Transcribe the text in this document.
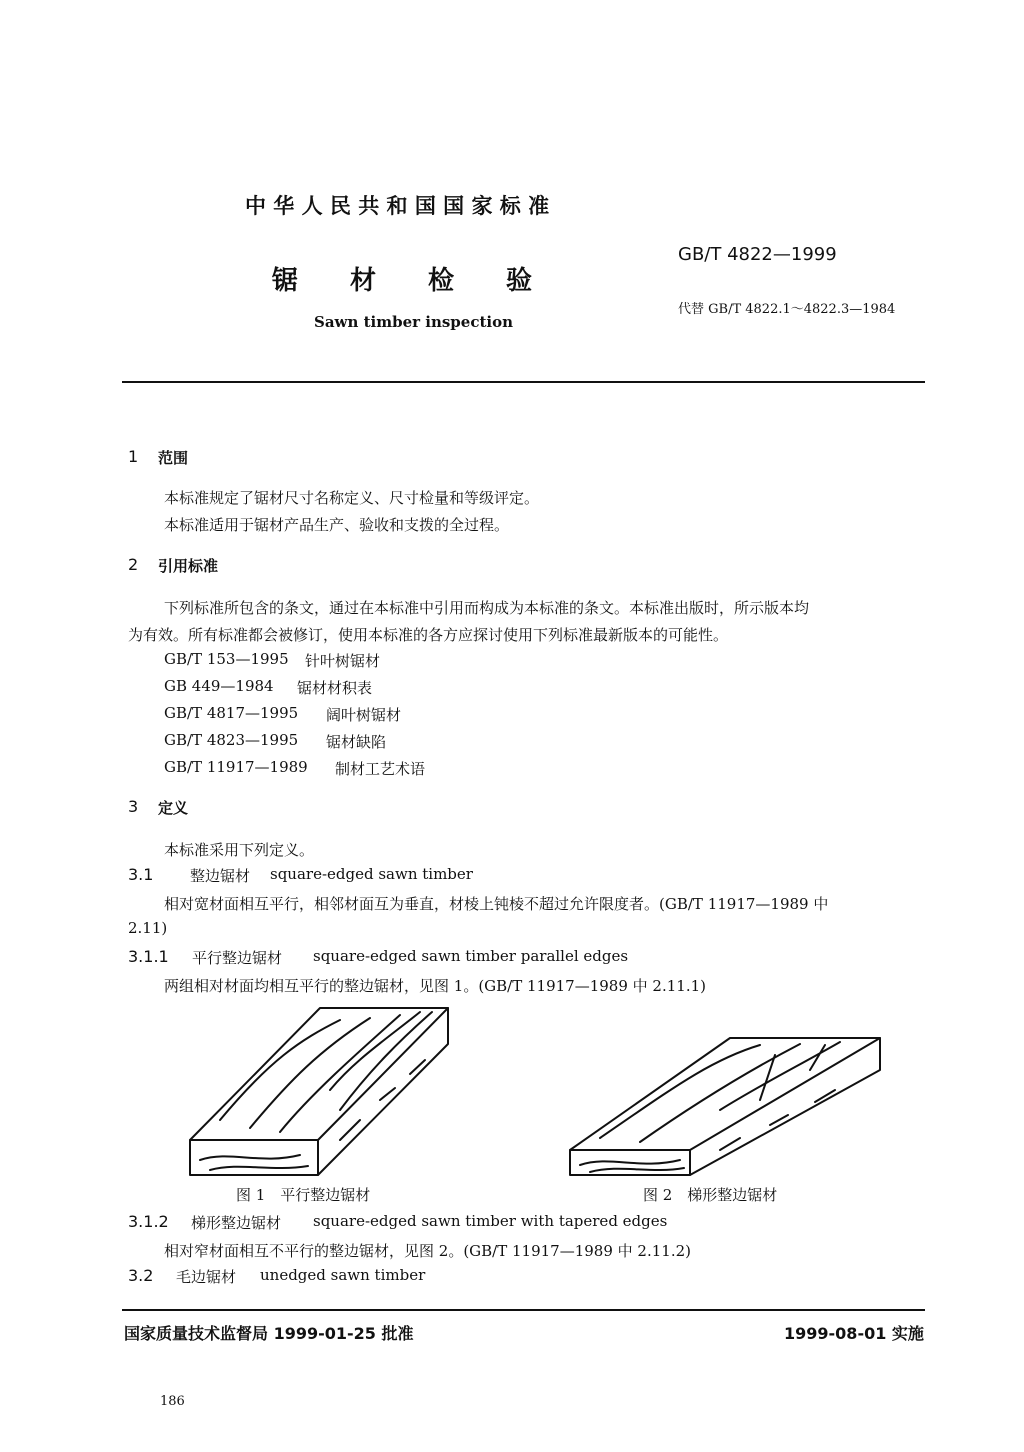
中 华 人 民 共 和 国 国 家 标 准
锯　　材　　检　　验
Sawn timber inspection
GB/T 4822—1999
代替 GB/T 4822.1～4822.3—1984
1 范围
本标准规定了锯材尺寸名称定义、尺寸检量和等级评定。
本标准适用于锯材产品生产、验收和支拨的全过程。
2 引用标准
下列标准所包含的条文，通过在本标准中引用而构成为本标准的条文。本标准出版时，所示版本均
为有效。所有标准都会被修订，使用本标准的各方应探讨使用下列标准最新版本的可能性。
GB/T 153—1995 针叶树锯材
GB 449—1984 锯材材积表
GB/T 4817—1995 阔叶树锯材
GB/T 4823—1995 锯材缺陷
GB/T 11917—1989 制材工艺术语
3 定义
本标准采用下列定义。
3.1 整边锯材 square-edged sawn timber
相对宽材面相互平行，相邻材面互为垂直，材棱上钝棱不超过允许限度者。(GB/T 11917—1989 中
2.11)
3.1.1 平行整边锯材 square-edged sawn timber parallel edges
两组相对材面均相互平行的整边锯材，见图 1。(GB/T 11917—1989 中 2.11.1)
图 1　平行整边锯材	图 2　梯形整边锯材
3.1.2 梯形整边锯材 square-edged sawn timber with tapered edges
相对窄材面相互不平行的整边锯材，见图 2。(GB/T 11917—1989 中 2.11.2)
3.2 毛边锯材 unedged sawn timber
国家质量技术监督局 1999-01-25 批准	1999-08-01 实施
186
